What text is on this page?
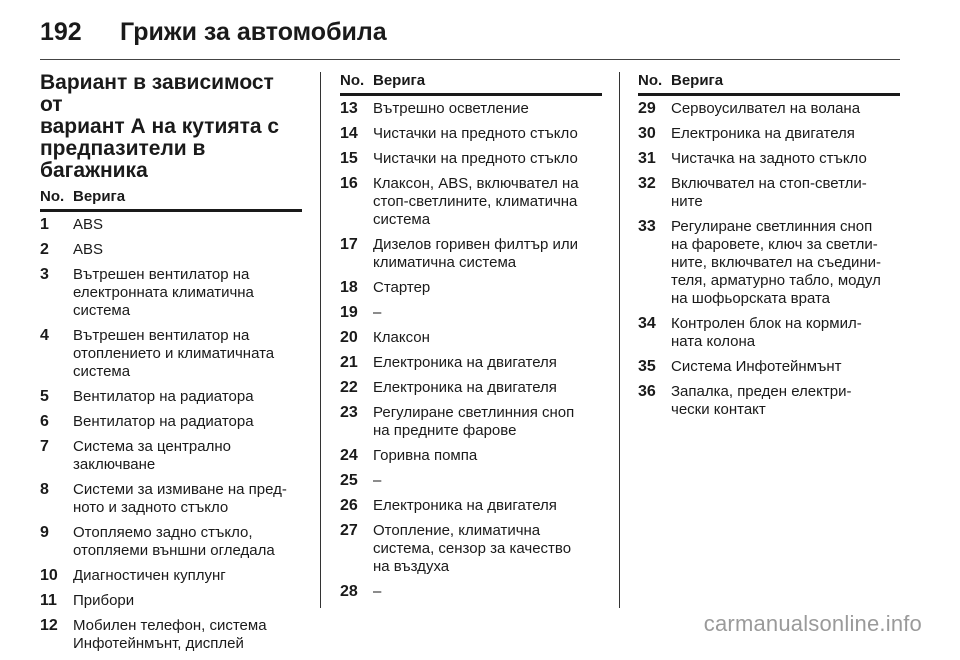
192 Грижи за автомобила
Вариант в зависимост от
вариант А на кутията с
предпазители в багажника
No. Верига
1	ABS
2	ABS
3	Вътрешен вентилатор на
електронната климатична
система
4	Вътрешен вентилатор на
отоплението и климатичната
система
5	Вентилатор на радиатора
6	Вентилатор на радиатора
7	Система за централно
заключване
8	Системи за измиване на пред-
ното и задното стъкло
9	Отопляемо задно стъкло,
отопляеми външни огледала
10	Диагностичен куплунг
11	Прибори
12	Мобилен телефон, система
Инфотейнмънт, дисплей
No. Верига
13	Вътрешно осветление
14	Чистачки на предното стъкло
15	Чистачки на предното стъкло
16	Клаксон, ABS, включвател на
стоп-светлините, климатична
система
17	Дизелов горивен филтър или
климатична система
18	Стартер
19	–
20	Клаксон
21	Електроника на двигателя
22	Електроника на двигателя
23	Регулиране светлинния сноп
на предните фарове
24	Горивна помпа
25	–
26	Електроника на двигателя
27	Отопление, климатична
система, сензор за качество
на въздуха
28	–
No. Верига
29	Сервоусилвател на волана
30	Електроника на двигателя
31	Чистачка на задното стъкло
32	Включвател на стоп-светли-
ните
33	Регулиране светлинния сноп
на фаровете, ключ за светли-
ните, включвател на съедини-
теля, арматурно табло, модул
на шофьорската врата
34	Контролен блок на кормил-
ната колона
35	Система Инфотейнмънт
36	Запалка, преден електри-
чески контакт
carmanualsonline.info
